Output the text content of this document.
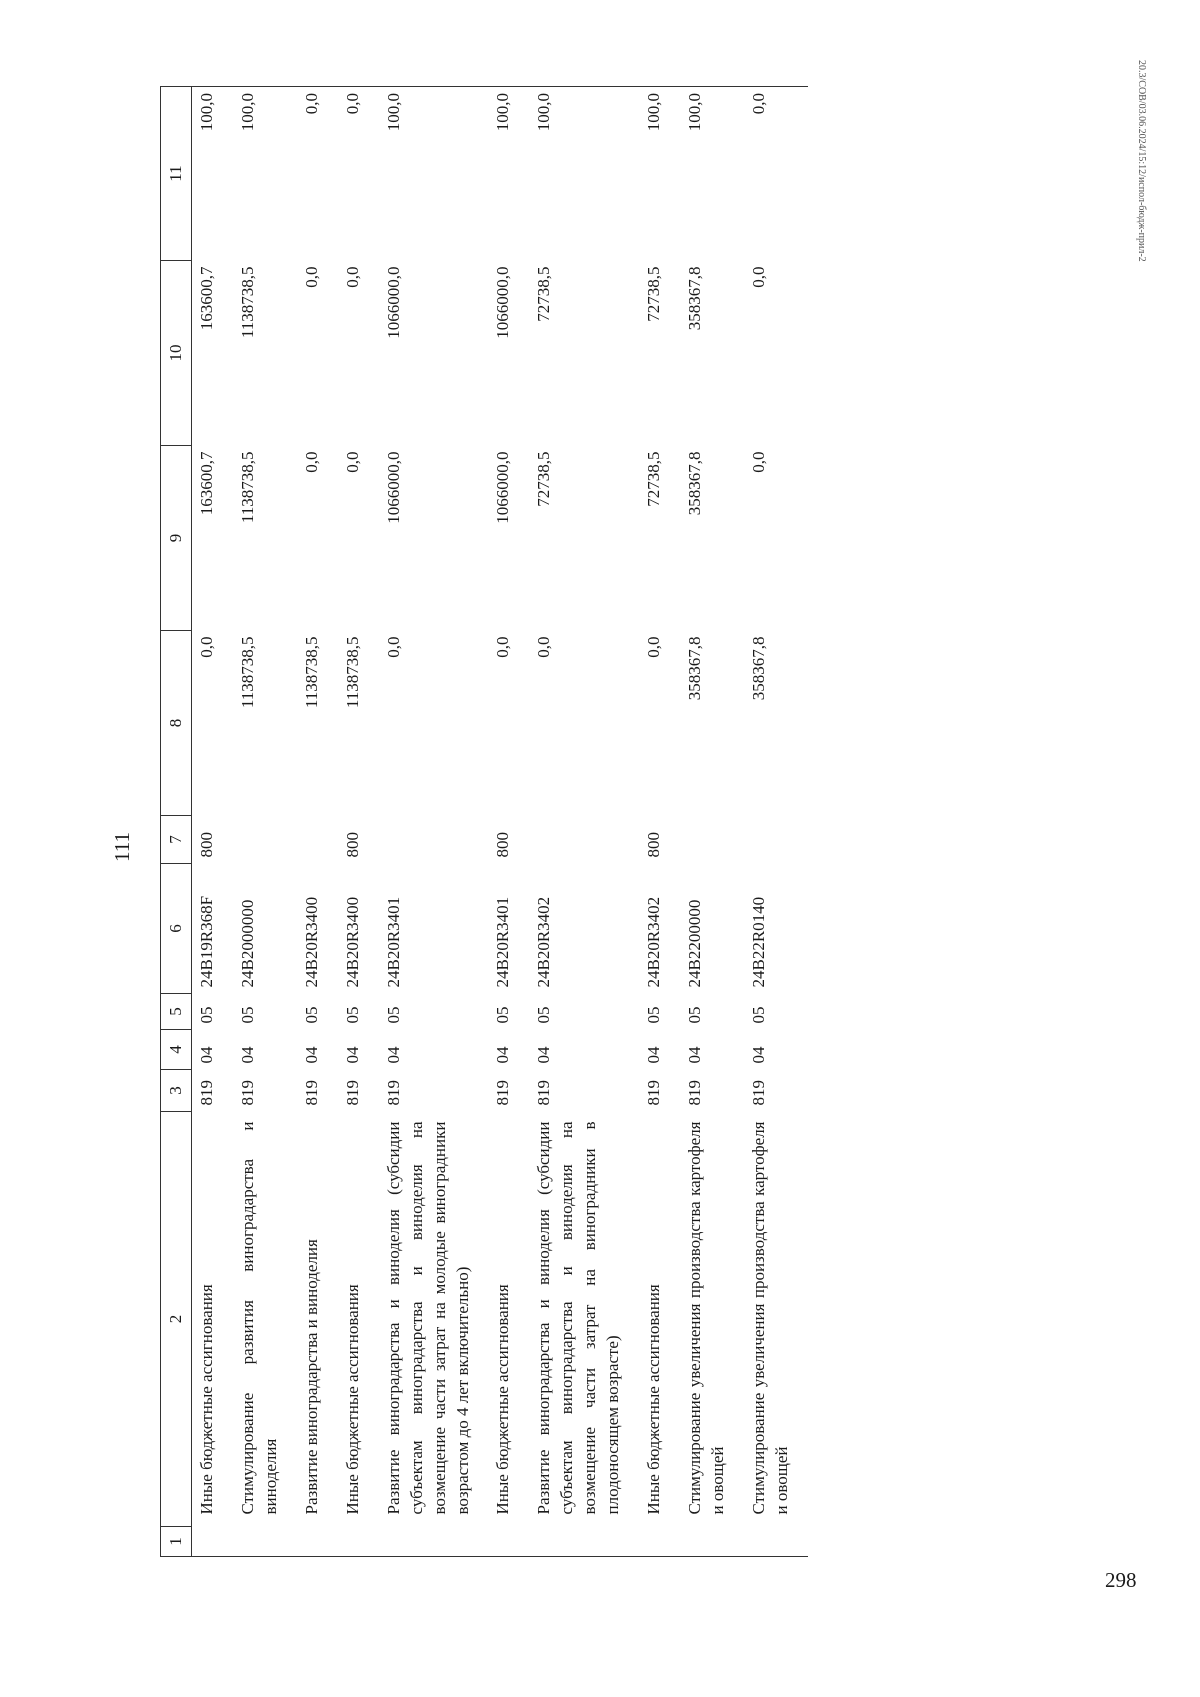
111
1	2	3	4	5	6	7	8	9	10	11
	Иные бюджетные ассигнования	819	04	05	24В19R368F	800	0,0	163600,7	163600,7	100,0
	Стимулирование развития виноградарства и виноделия	819	04	05	24В2000000		1138738,5	1138738,5	1138738,5	100,0
	Развитие виноградарства и виноделия	819	04	05	24В20R3400		1138738,5	0,0	0,0	0,0
	Иные бюджетные ассигнования	819	04	05	24В20R3400	800	1138738,5	0,0	0,0	0,0
	Развитие виноградарства и виноделия (субсидии субъектам виноградарства и виноделия на возмещение части затрат на молодые виноградники возрастом до 4 лет включительно)	819	04	05	24В20R3401		0,0	1066000,0	1066000,0	100,0
	Иные бюджетные ассигнования	819	04	05	24В20R3401	800	0,0	1066000,0	1066000,0	100,0
	Развитие виноградарства и виноделия (субсидии субъектам виноградарства и виноделия на возмещение части затрат на виноградники в плодоносящем возрасте)	819	04	05	24В20R3402		0,0	72738,5	72738,5	100,0
	Иные бюджетные ассигнования	819	04	05	24В20R3402	800	0,0	72738,5	72738,5	100,0
	Стимулирование увеличения производства картофеля и овощей	819	04	05	24В2200000		358367,8	358367,8	358367,8	100,0
	Стимулирование увеличения производства картофеля и овощей	819	04	05	24В22R0140		358367,8	0,0	0,0	0,0	20.3/СОВ/03.06.2024/15:12/испол-бюдж-прил-2
298
